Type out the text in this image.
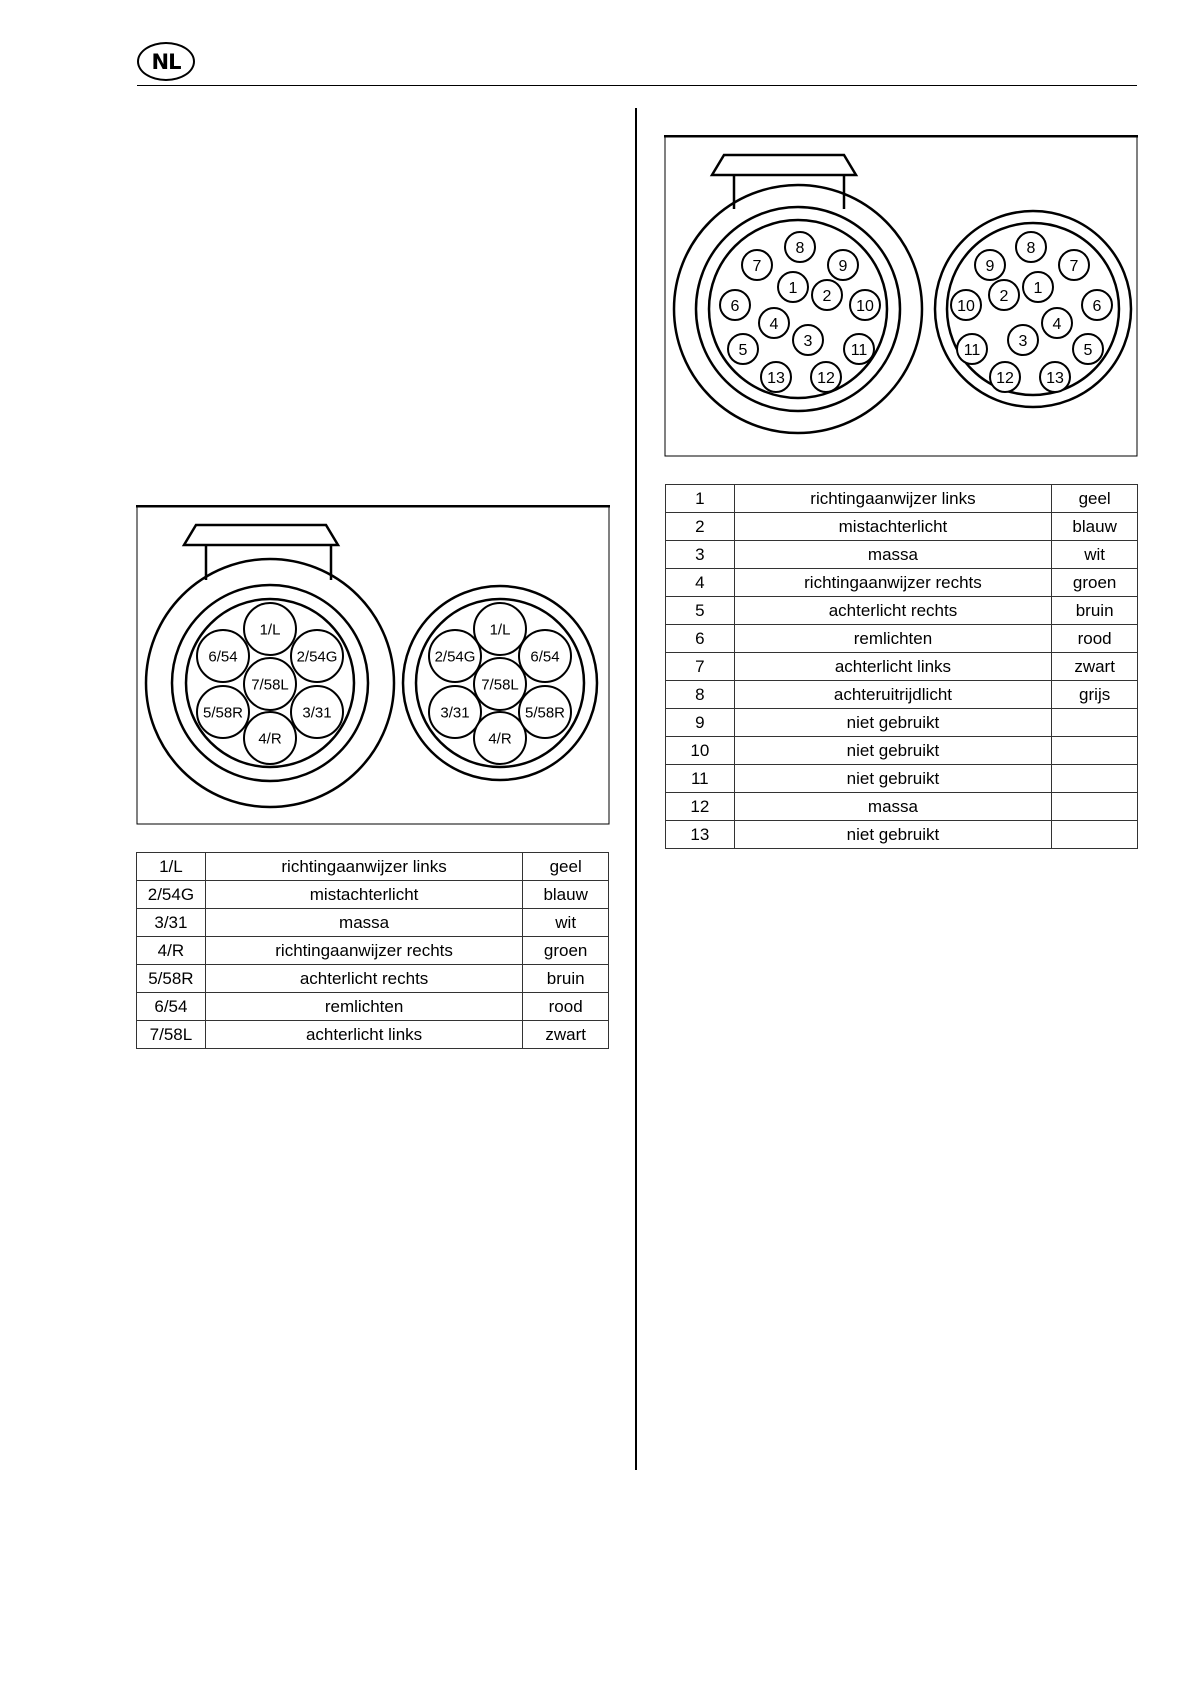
NL
1/L
2/54G
3/31
4/R
5/58R
6/54
7/58L
1/L
2/54G
3/31
4/R
5/58R
6/54
7/58L
1/L	richtingaanwijzer links	geel
2/54G	mistachterlicht	blauw
3/31	massa	wit
4/R	richtingaanwijzer rechts	groen
5/58R	achterlicht rechts	bruin
6/54	remlichten	rood
7/58L	achterlicht links	zwart
1 2
3
4
5
6
7
8
9
10
11
12
13
1
2
3
4
5
6
7
8
9
10
11
12 13
1	richtingaanwijzer links	geel
2	mistachterlicht	blauw
3	massa	wit
4	richtingaanwijzer rechts	groen
5	achterlicht rechts	bruin
6	remlichten	rood
7	achterlicht links	zwart
8	achteruitrijdlicht	grijs
9	niet gebruikt	
10	niet gebruikt	
11	niet gebruikt	
12	massa	
13	niet gebruikt	
